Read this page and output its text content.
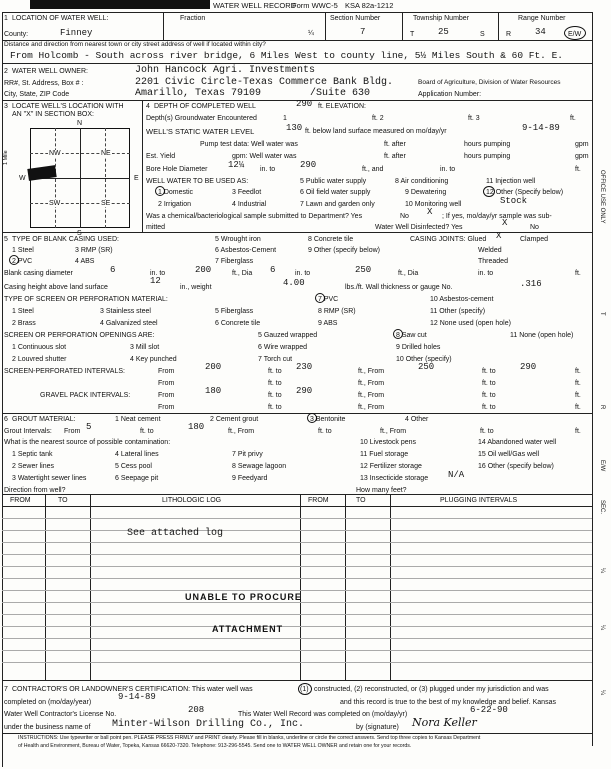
WATER WELL RECORD
Form WWC-5 KSA 82a-1212
1 LOCATION OF WATER WELL:	Fraction
¼
County:	Finney
Section Number
7
Township Number
T	25	S
Range Number
R	34	E/W
Distance and direction from nearest town or city street address of well if located within city?
From Holcomb - South across river bridge, 6 Miles West to county line, 5½ Miles South & 60 Ft. E.
2 WATER WELL OWNER:	John Hancock Agri. Investments
RR#, St. Address, Box # :	2201 Civic Circle-Texas Commerce Bank Bldg.	Board of Agriculture, Division of Water Resources
City, State, ZIP Code	Amarillo, Texas 79109	/Suite 630	Application Number:
3 LOCATE WELL'S LOCATION WITH
AN "X" IN SECTION BOX:
N
S
E
W
NW	NE
SW	SE
1 Mile
4 DEPTH OF COMPLETED WELL	290 ft. ELEVATION:
Depth(s) Groundwater Encountered	1	ft. 2	ft. 3	ft.
WELL'S STATIC WATER LEVEL	130 ft. below land surface measured on mo/day/yr	9-14-89
Pump test data: Well water was	ft. after	hours pumping	gpm
Est. Yield	gpm: Well water was	ft. after	hours pumping	gpm
Bore Hole Diameter 12¼ in. to	290	ft., and	in. to	ft.
WELL WATER TO BE USED AS:
1 Domestic
2 Irrigation
3 Feedlot
4 Industrial
5 Public water supply
6 Oil field water supply
7 Lawn and garden only
8 Air conditioning
9 Dewatering
10 Monitoring well
11 Injection well
12 Other (Specify below)
Stock
Was a chemical/bacteriological sample submitted to Department? Yes	No X ; If yes, mo/day/yr sample was sub-
mitted	Water Well Disinfected? Yes	X	No
5 TYPE OF BLANK CASING USED:
1 Steel
2 PVC
3 RMP (SR)
4 ABS
5 Wrought iron
6 Asbestos-Cement
7 Fiberglass
8 Concrete tile
9 Other (specify below)
CASING JOINTS: Glued X	Clamped
Welded
Threaded
Blank casing diameter	6	in. to	200	ft., Dia 6	in. to	250	ft., Dia	in. to	ft.
Casing height above land surface
12
in., weight	4.00	lbs./ft. Wall thickness or gauge No.	.316
TYPE OF SCREEN OR PERFORATION MATERIAL:
1 Steel
2 Brass
3 Stainless steel
4 Galvanized steel
5 Fiberglass
6 Concrete tile
7 PVC
8 RMP (SR)
9 ABS
10 Asbestos-cement
11 Other (specify)
12 None used (open hole)
SCREEN OR PERFORATION OPENINGS ARE:
1 Continuous slot
2 Louvred shutter
3 Mill slot
4 Key punched
5 Gauzed wrapped
6 Wire wrapped
7 Torch cut
8 Saw cut
9 Drilled holes
10 Other (specify)
11 None (open hole)
SCREEN-PERFORATED INTERVALS:	From	200	ft. to 230	ft., From	250	ft. to	290	ft.
From	ft. to	ft., From	ft. to	ft.
GRAVEL PACK INTERVALS:	From	180	ft. to 290	ft., From	ft. to	ft.
From	ft. to	ft., From	ft. to	ft.
6 GROUT MATERIAL:	1 Neat cement	2 Cement grout	3 Bentonite	4 Other
Grout Intervals: From 5	ft. to	180	ft., From	ft. to	ft., From	ft. to	ft.
What is the nearest source of possible contamination:
1 Septic tank
2 Sewer lines
3 Watertight sewer lines
4 Lateral lines
5 Cess pool
6 Seepage pit
7 Pit privy
8 Sewage lagoon
9 Feedyard
10 Livestock pens
11 Fuel storage
12 Fertilizer storage
13 Insecticide storage N/A
14 Abandoned water well
15 Oil well/Gas well
16 Other (specify below)
Direction from well?	How many feet?
FROM	TO	LITHOLOGIC LOG	FROM	TO	PLUGGING INTERVALS
See attached log
UNABLE TO PROCURE
ATTACHMENT
7 CONTRACTOR'S OR LANDOWNER'S CERTIFICATION: This water well was	(1) constructed, (2) reconstructed, or (3) plugged under my jurisdiction and was
completed on (mo/day/year)
9-14-89
and this record is true to the best of my knowledge and belief. Kansas
Water Well Contractor's License No.	208	This Water Well Record was completed on (mo/day/yr)	6-22-90
under the business name of Minter-Wilson Drilling Co., Inc.	by (signature) Nora Keller
INSTRUCTIONS: Use typewriter or ball point pen. PLEASE PRESS FIRMLY and PRINT clearly. Please fill in blanks, underline or circle the correct answers. Send top three copies to Kansas Department
of Health and Environment, Bureau of Water, Topeka, Kansas 66620-7320. Telephone: 913-296-5545. Send one to WATER WELL OWNER and retain one for your records.
OFFICE USE ONLY
T
R
E/W
SEC.
¼
¼
¼
